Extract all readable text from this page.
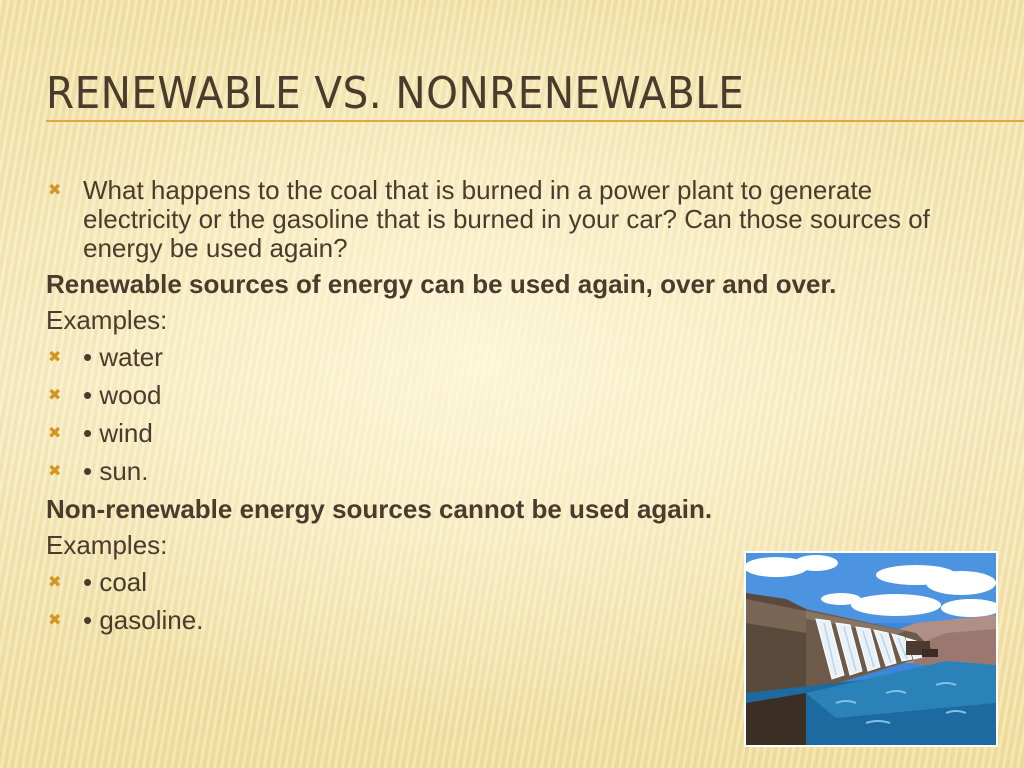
RENEWABLE VS. NONRENEWABLE
✖ What happens to the coal that is burned in a power plant to generate electricity or the gasoline that is burned in your car? Can those sources of energy be used again?
Renewable sources of energy can be used again, over and over.
Examples:
✖ • water
✖ • wood
✖ • wind
✖ • sun.
Non-renewable energy sources cannot be used again.
Examples:
✖ • coal
✖ • gasoline.
